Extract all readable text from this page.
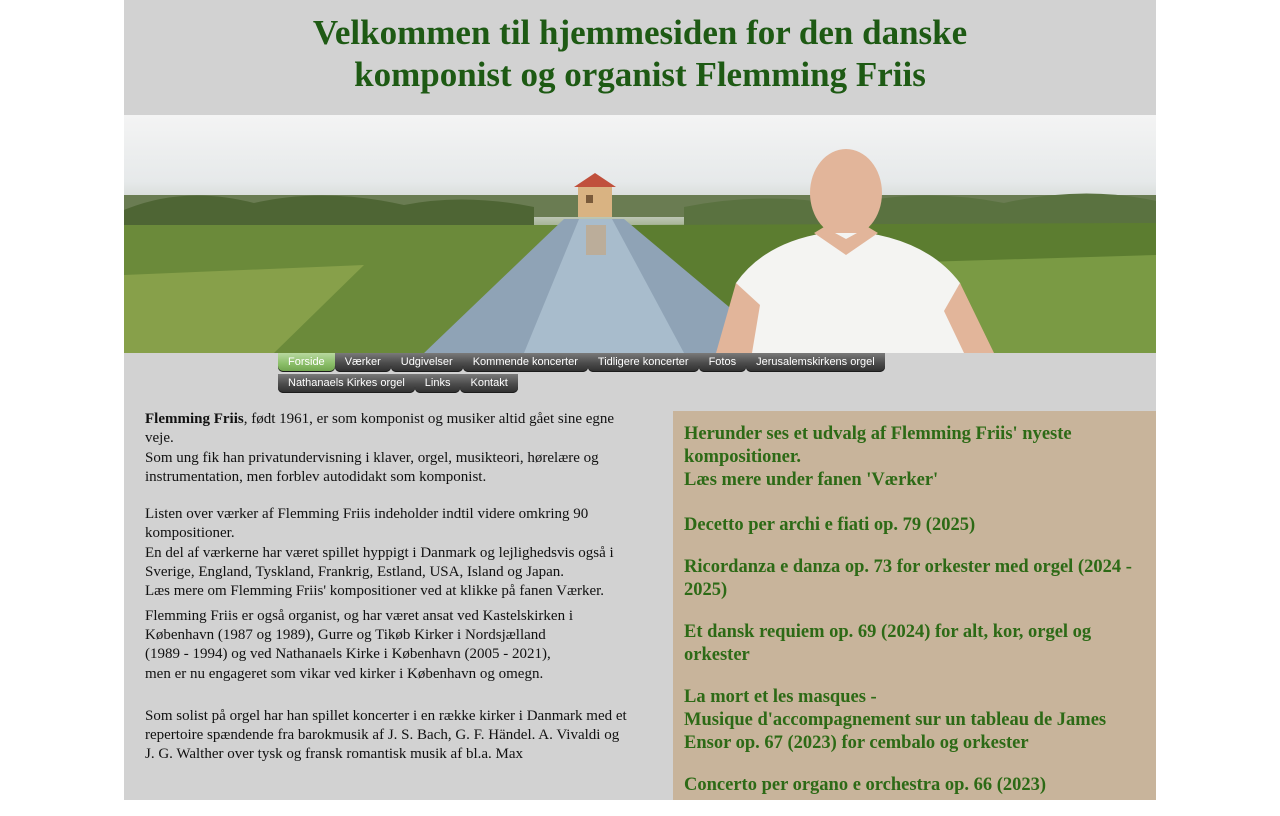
Velkommen til hjemmesiden for den danske
komponist og organist Flemming Friis
Forside Værker Udgivelser Kommende koncerter Tidligere koncerter Fotos Jerusalemskirkens orgel
Nathanaels Kirkes orgel Links Kontakt

Flemming Friis, født 1961, er som komponist og musiker altid gået sine egne veje.

Som ung fik han privatundervisning i klaver, orgel, musikteori, hørelære og instrumentation, men forblev autodidakt som komponist.

Listen over værker af Flemming Friis indeholder indtil videre omkring 90 kompositioner.

En del af værkerne har været spillet hyppigt i Danmark og lejlighedsvis også i Sverige, England, Tyskland, Frankrig, Estland, USA, Island og Japan.

Læs mere om Flemming Friis' kompositioner ved at klikke på fanen Værker.

Flemming Friis er også organist, og har været ansat ved Kastelskirken i København (1987 og 1989), Gurre og Tikøb Kirker i Nordsjælland

(1989 - 1994) og ved Nathanaels Kirke i København (2005 - 2021),

men er nu engageret som vikar ved kirker i København og omegn.

Som solist på orgel har han spillet koncerter i en række kirker i Danmark med et repertoire spændende fra barokmusik af J. S. Bach, G. F. Händel. A. Vivaldi og J. G. Walther over tysk og fransk romantisk musik af bl.a. Max

Herunder ses et udvalg af Flemming Friis' nyeste kompositioner.
Læs mere under fanen 'Værker'
Decetto per archi e fiati op. 79 (2025)
Ricordanza e danza op. 73 for orkester med orgel (2024 - 2025)
Et dansk requiem op. 69 (2024) for alt, kor, orgel og orkester
La mort et les masques -
Musique d'accompagnement sur un tableau de James Ensor op. 67 (2023) for cembalo og orkester
Concerto per organo e orchestra op. 66 (2023)
